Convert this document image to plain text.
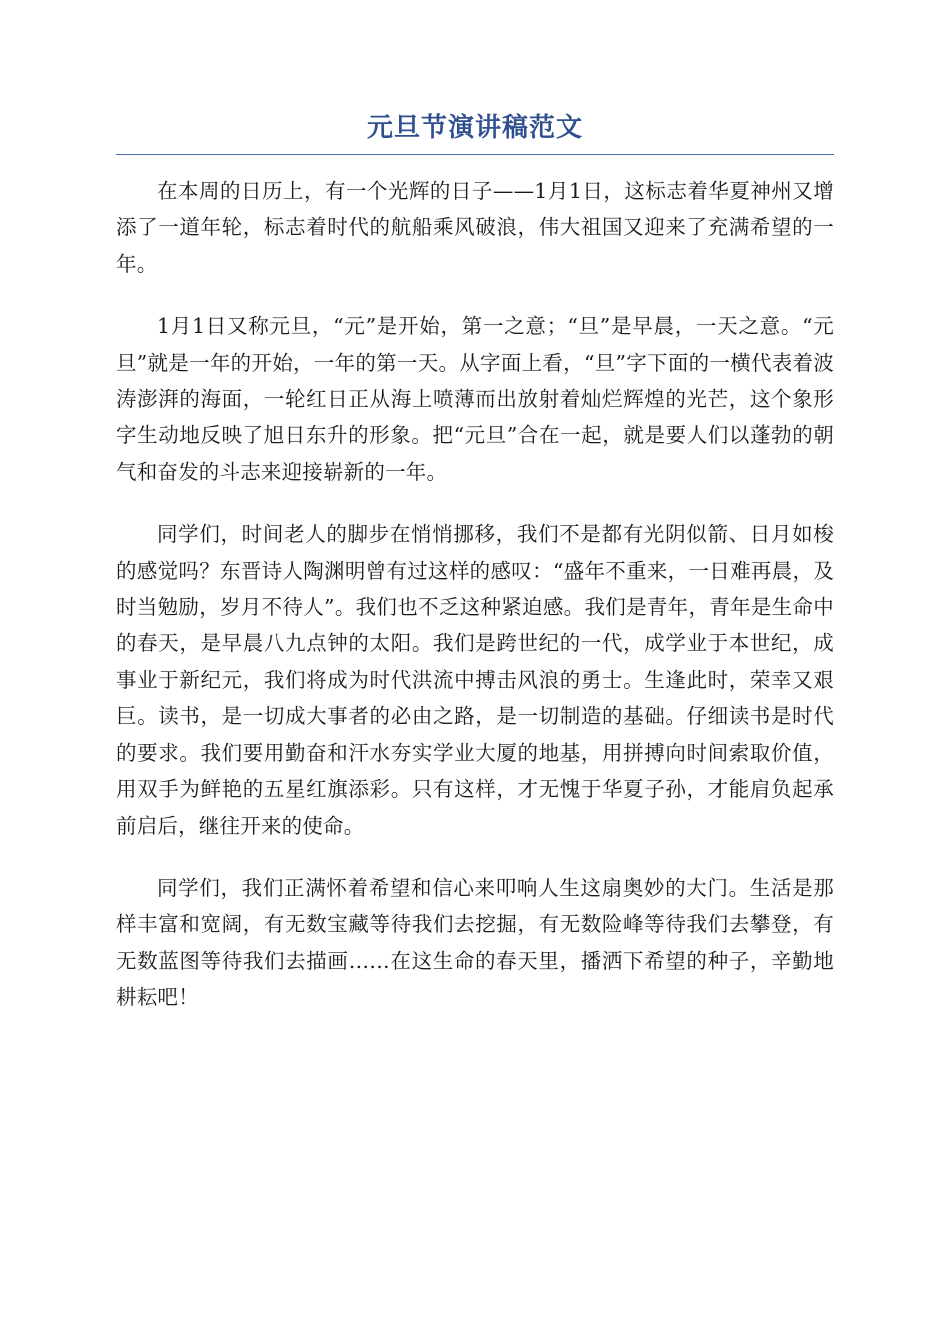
元旦节演讲稿范文

在本周的日历上，有一个光辉的日子——1月1日，这标志着华夏神州又增添了一道年轮，标志着时代的航船乘风破浪，伟大祖国又迎来了充满希望的一年。

1月1日又称元旦，“元”是开始，第一之意；“旦”是早晨，一天之意。“元旦”就是一年的开始，一年的第一天。从字面上看，“旦”字下面的一横代表着波涛澎湃的海面，一轮红日正从海上喷薄而出放射着灿烂辉煌的光芒，这个象形字生动地反映了旭日东升的形象。把“元旦”合在一起，就是要人们以蓬勃的朝气和奋发的斗志来迎接崭新的一年。

同学们，时间老人的脚步在悄悄挪移，我们不是都有光阴似箭、日月如梭的感觉吗？东晋诗人陶渊明曾有过这样的感叹：“盛年不重来，一日难再晨，及时当勉励，岁月不待人”。我们也不乏这种紧迫感。我们是青年，青年是生命中的春天，是早晨八九点钟的太阳。我们是跨世纪的一代，成学业于本世纪，成事业于新纪元，我们将成为时代洪流中搏击风浪的勇士。生逢此时，荣幸又艰巨。读书，是一切成大事者的必由之路，是一切制造的基础。仔细读书是时代的要求。我们要用勤奋和汗水夯实学业大厦的地基，用拼搏向时间索取价值，用双手为鲜艳的五星红旗添彩。只有这样，才无愧于华夏子孙，才能肩负起承前启后，继往开来的使命。

同学们，我们正满怀着希望和信心来叩响人生这扇奥妙的大门。生活是那样丰富和宽阔，有无数宝藏等待我们去挖掘，有无数险峰等待我们去攀登，有无数蓝图等待我们去描画……在这生命的春天里，播洒下希望的种子，辛勤地耕耘吧！
